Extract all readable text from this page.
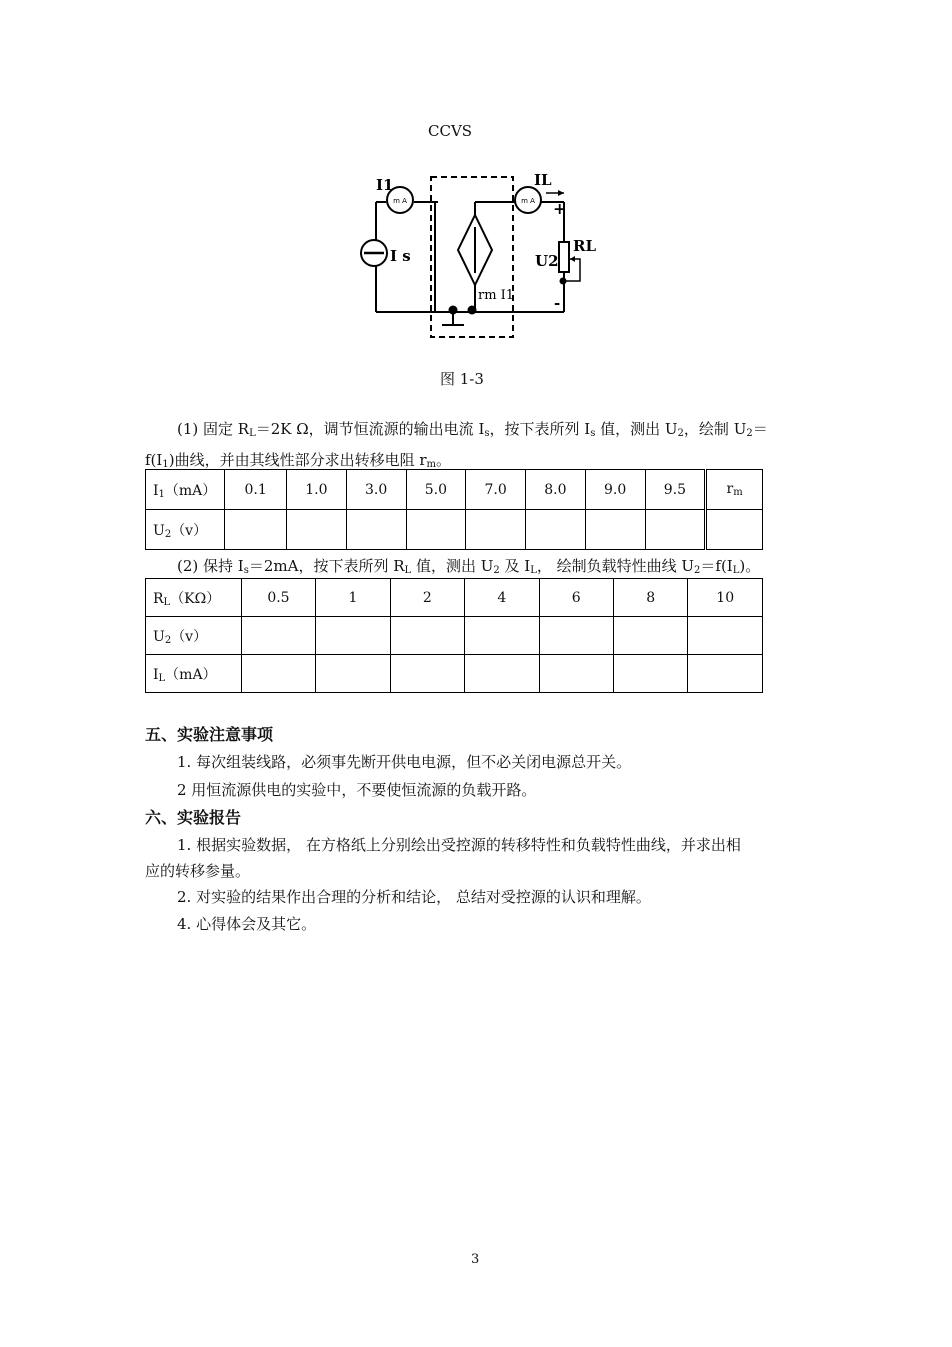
CCVS
m A	m A
I1
I s
IL
+
-
U2
RL
rm I1
图 1-3
(1) 固定 $R_L=2K$ Ω，调节恒流源的输出电流 $I_s$，按下表所列 $I_s$ 值，测出 $U_2$，绘制 $U_2=$
$f(I_1)$曲线，并由其线性部分求出转移电阻 $r_m$。
$I_1(mA)$	0.1	1.0	3.0	5.0	7.0	8.0	9.0	9.5	$r_m$
$U_2(v)$									
(2) 保持 $I_s=2mA$，按下表所列 $R_L$ 值，测出 $U_2$ 及 $I_L$， 绘制负载特性曲线 $U_2=f(I_L)$。
$R_L(K\Omega)$	0.5	1	2	4	6	8	10
$U_2(v)$							
$I_L(mA)$							
五、实验注意事项
1. 每次组装线路，必须事先断开供电电源，但不必关闭电源总开关。
2 用恒流源供电的实验中，不要使恒流源的负载开路。
六、实验报告
1. 根据实验数据， 在方格纸上分别绘出受控源的转移特性和负载特性曲线，并求出相
应的转移参量。
2. 对实验的结果作出合理的分析和结论， 总结对受控源的认识和理解。
4. 心得体会及其它。
3
